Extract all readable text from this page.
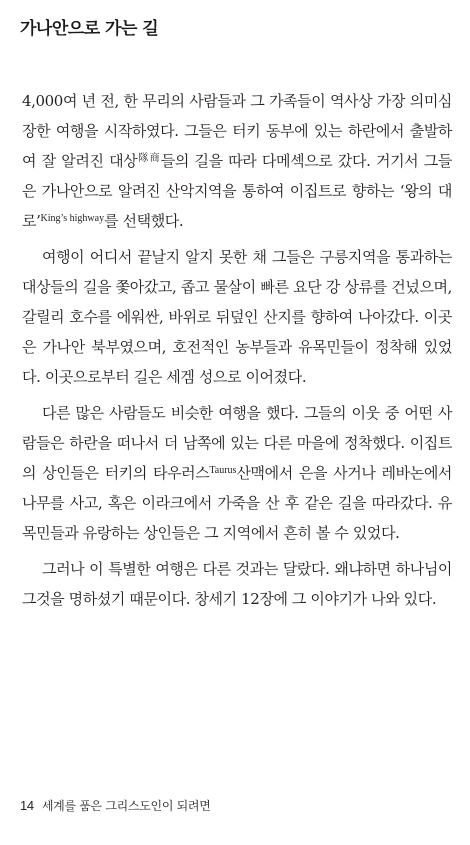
가나안으로 가는 길

4,000여 년 전, 한 무리의 사람들과 그 가족들이 역사상 가장 의미심장한 여행을 시작하였다. 그들은 터키 동부에 있는 하란에서 출발하여 잘 알려진 대상$^{隊商}$들의 길을 따라 다메섹으로 갔다. 거기서 그들은 가나안으로 알려진 산악지역을 통하여 이집트로 향하는 ‘왕의 대로’$^{King’s highway}$를 선택했다.

여행이 어디서 끝날지 알지 못한 채 그들은 구릉지역을 통과하는 대상들의 길을 쫓아갔고, 좁고 물살이 빠른 요단 강 상류를 건넜으며, 갈릴리 호수를 에워싼, 바위로 뒤덮인 산지를 향하여 나아갔다. 이곳은 가나안 북부였으며, 호전적인 농부들과 유목민들이 정착해 있었다. 이곳으로부터 길은 세겜 성으로 이어졌다.

다른 많은 사람들도 비슷한 여행을 했다. 그들의 이웃 중 어떤 사람들은 하란을 떠나서 더 남쪽에 있는 다른 마을에 정착했다. 이집트의 상인들은 터키의 타우러스$^{Taurus}$산맥에서 은을 사거나 레바논에서 나무를 사고, 혹은 이라크에서 가죽을 산 후 같은 길을 따라갔다. 유목민들과 유랑하는 상인들은 그 지역에서 흔히 볼 수 있었다.

그러나 이 특별한 여행은 다른 것과는 달랐다. 왜냐하면 하나님이 그것을 명하셨기 때문이다. 창세기 12장에 그 이야기가 나와 있다.

14 세계를 품은 그리스도인이 되려면
